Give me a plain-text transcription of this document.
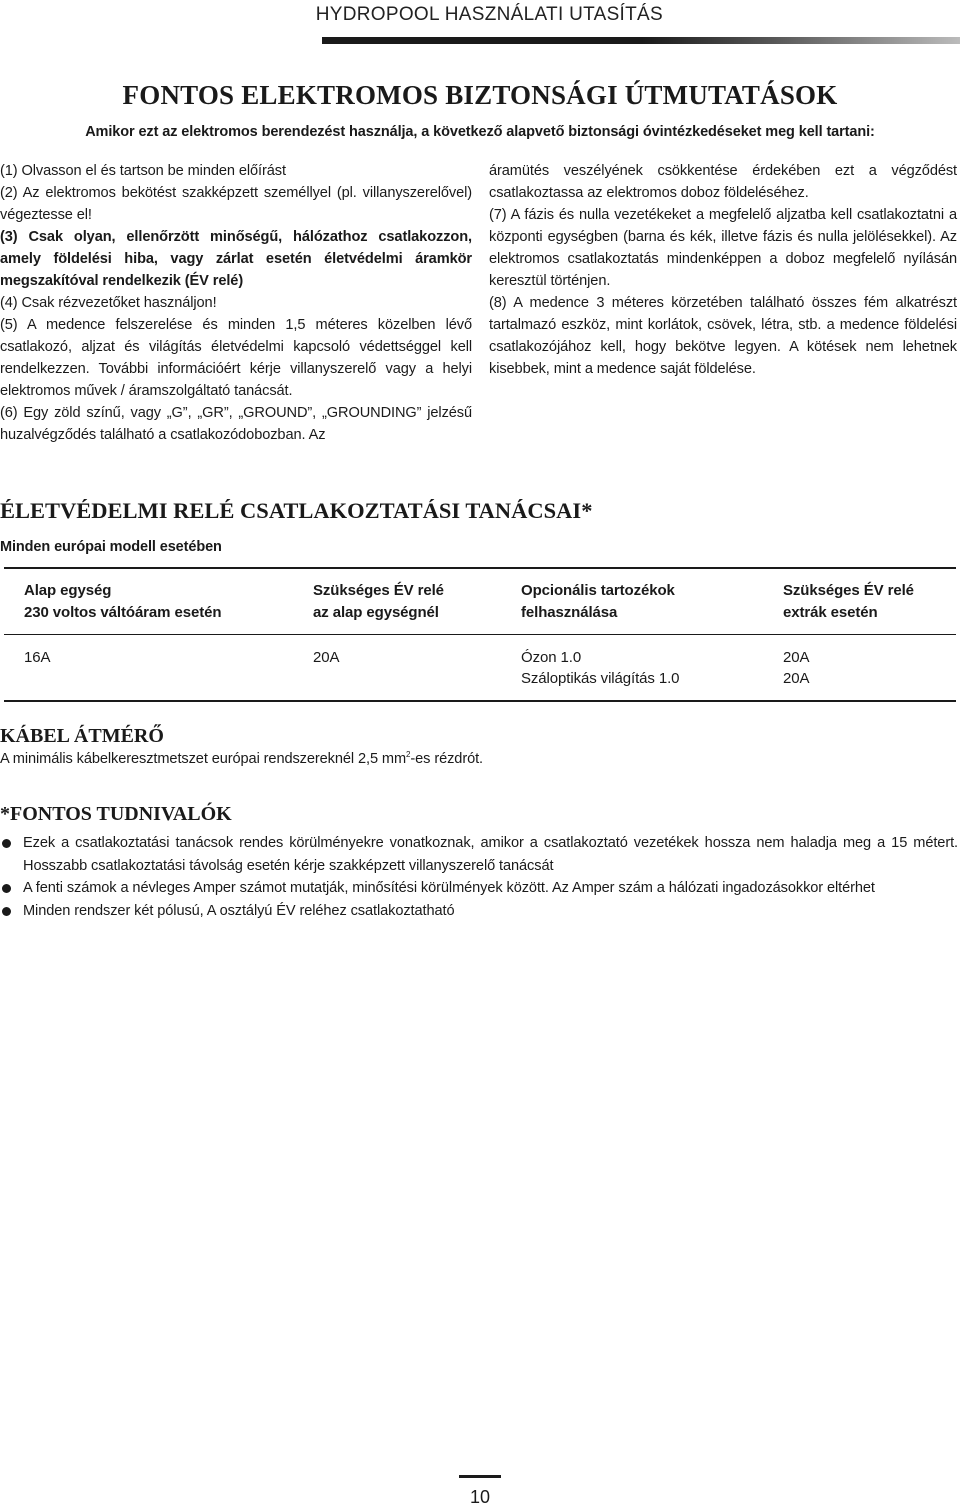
HYDROPOOL HASZNÁLATI UTASÍTÁS
FONTOS ELEKTROMOS BIZTONSÁGI ÚTMUTATÁSOK
Amikor ezt az elektromos berendezést használja, a következő alapvető biztonsági óvintézkedéseket meg kell tartani:

(1) Olvasson el és tartson be minden előírást

(2) Az elektromos bekötést szakképzett személlyel (pl. villanyszerelővel) végeztesse el!

(3) Csak olyan, ellenőrzött minőségű, hálózathoz csatlakozzon, amely földelési hiba, vagy zárlat esetén életvédelmi áramkör megszakítóval rendelkezik (ÉV relé)

(4) Csak rézvezetőket használjon!

(5) A medence felszerelése és minden 1,5 méteres közelben lévő csatlakozó, aljzat és világítás életvédelmi kapcsoló védettséggel kell rendelkezzen. További információért kérje villanyszerelő vagy a helyi elektromos művek / áramszolgáltató tanácsát.

(6) Egy zöld színű, vagy „G”, „GR”, „GROUND”, „GROUNDING” jelzésű huzalvégződés található a csatlakozódobozban. Az

áramütés veszélyének csökkentése érdekében ezt a végződést csatlakoztassa az elektromos doboz földeléséhez.

(7) A fázis és nulla vezetékeket a megfelelő aljzatba kell csatlakoztatni a központi egységben (barna és kék, illetve fázis és nulla jelölésekkel). Az elektromos csatlakoztatás mindenképpen a doboz megfelelő nyílásán keresztül történjen.

(8) A medence 3 méteres körzetében található összes fém alkatrészt tartalmazó eszköz, mint korlátok, csövek, létra, stb. a medence földelési csatlakozójához kell, hogy bekötve legyen. A kötések nem lehetnek kisebbek, mint a medence saját földelése.

ÉLETVÉDELMI RELÉ CSATLAKOZTATÁSI TANÁCSAI*
Minden európai modell esetében
Alap egység
230 voltos váltóáram esetén
Szükséges ÉV relé
az alap egységnél
Opcionális tartozékok
felhasználása
Szükséges ÉV relé
extrák esetén
16A	20A	Ózon 1.0
Száloptikás világítás 1.0
20A
20A
KÁBEL ÁTMÉRŐ
A minimális kábelkeresztmetszet európai rendszereknél 2,5 $mm^2-es$ rézdrót.
*FONTOS TUDNIVALÓK
Ezek a csatlakoztatási tanácsok rendes körülményekre vonatkoznak, amikor a csatlakoztató vezetékek hossza nem haladja meg a 15 métert. Hosszabb csatlakoztatási távolság esetén kérje szakképzett villanyszerelő tanácsát
A fenti számok a névleges Amper számot mutatják, minősítési körülmények között. Az Amper szám a hálózati ingadozásokkor eltérhet
Minden rendszer két pólusú, A osztályú ÉV reléhez csatlakoztatható
10
